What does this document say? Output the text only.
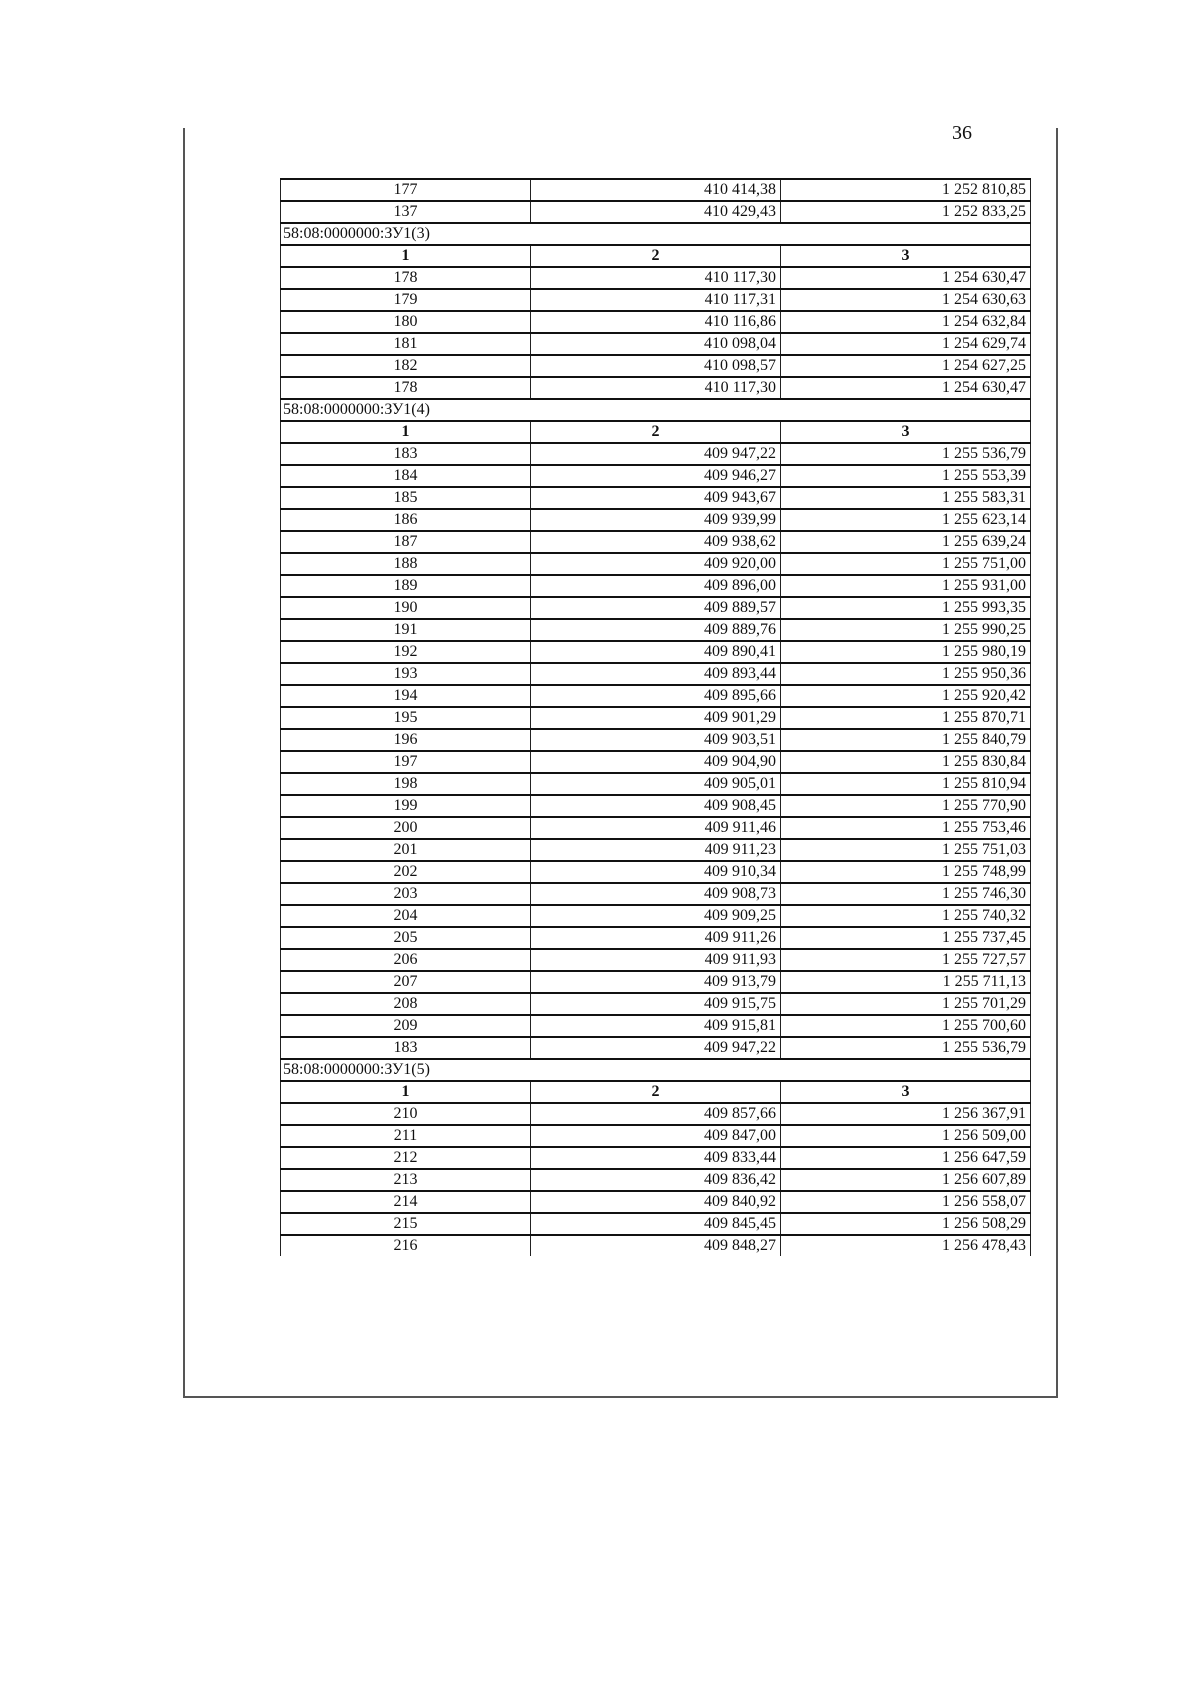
36
177	410 414,38	1 252 810,85
137	410 429,43	1 252 833,25
58:08:0000000:ЗУ1(3)		
1	2	3
178	410 117,30	1 254 630,47
179	410 117,31	1 254 630,63
180	410 116,86	1 254 632,84
181	410 098,04	1 254 629,74
182	410 098,57	1 254 627,25
178	410 117,30	1 254 630,47
58:08:0000000:ЗУ1(4)		
1	2	3
183	409 947,22	1 255 536,79
184	409 946,27	1 255 553,39
185	409 943,67	1 255 583,31
186	409 939,99	1 255 623,14
187	409 938,62	1 255 639,24
188	409 920,00	1 255 751,00
189	409 896,00	1 255 931,00
190	409 889,57	1 255 993,35
191	409 889,76	1 255 990,25
192	409 890,41	1 255 980,19
193	409 893,44	1 255 950,36
194	409 895,66	1 255 920,42
195	409 901,29	1 255 870,71
196	409 903,51	1 255 840,79
197	409 904,90	1 255 830,84
198	409 905,01	1 255 810,94
199	409 908,45	1 255 770,90
200	409 911,46	1 255 753,46
201	409 911,23	1 255 751,03
202	409 910,34	1 255 748,99
203	409 908,73	1 255 746,30
204	409 909,25	1 255 740,32
205	409 911,26	1 255 737,45
206	409 911,93	1 255 727,57
207	409 913,79	1 255 711,13
208	409 915,75	1 255 701,29
209	409 915,81	1 255 700,60
183	409 947,22	1 255 536,79
58:08:0000000:ЗУ1(5)		
1	2	3
210	409 857,66	1 256 367,91
211	409 847,00	1 256 509,00
212	409 833,44	1 256 647,59
213	409 836,42	1 256 607,89
214	409 840,92	1 256 558,07
215	409 845,45	1 256 508,29
216	409 848,27	1 256 478,43
